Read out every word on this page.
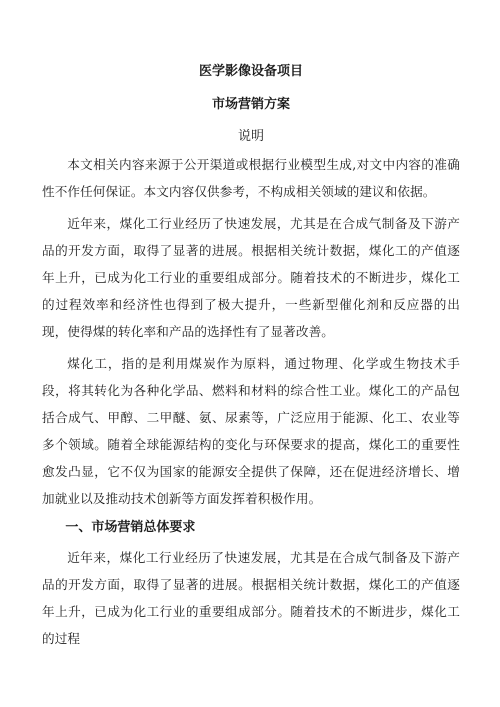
医学影像设备项目

市场营销方案

说明

本文相关内容来源于公开渠道或根据行业模型生成,对文中内容的准确性不作任何保证。本文内容仅供参考，不构成相关领域的建议和依据。

近年来，煤化工行业经历了快速发展，尤其是在合成气制备及下游产品的开发方面，取得了显著的进展。根据相关统计数据，煤化工的产值逐年上升，已成为化工行业的重要组成部分。随着技术的不断进步，煤化工的过程效率和经济性也得到了极大提升，一些新型催化剂和反应器的出现，使得煤的转化率和产品的选择性有了显著改善。

煤化工，指的是利用煤炭作为原料，通过物理、化学或生物技术手段，将其转化为各种化学品、燃料和材料的综合性工业。煤化工的产品包括合成气、甲醇、二甲醚、氨、尿素等，广泛应用于能源、化工、农业等多个领域。随着全球能源结构的变化与环保要求的提高，煤化工的重要性愈发凸显，它不仅为国家的能源安全提供了保障，还在促进经济增长、增加就业以及推动技术创新等方面发挥着积极作用。

一、市场营销总体要求

近年来，煤化工行业经历了快速发展，尤其是在合成气制备及下游产品的开发方面，取得了显著的进展。根据相关统计数据，煤化工的产值逐年上升，已成为化工行业的重要组成部分。随着技术的不断进步，煤化工的过程
